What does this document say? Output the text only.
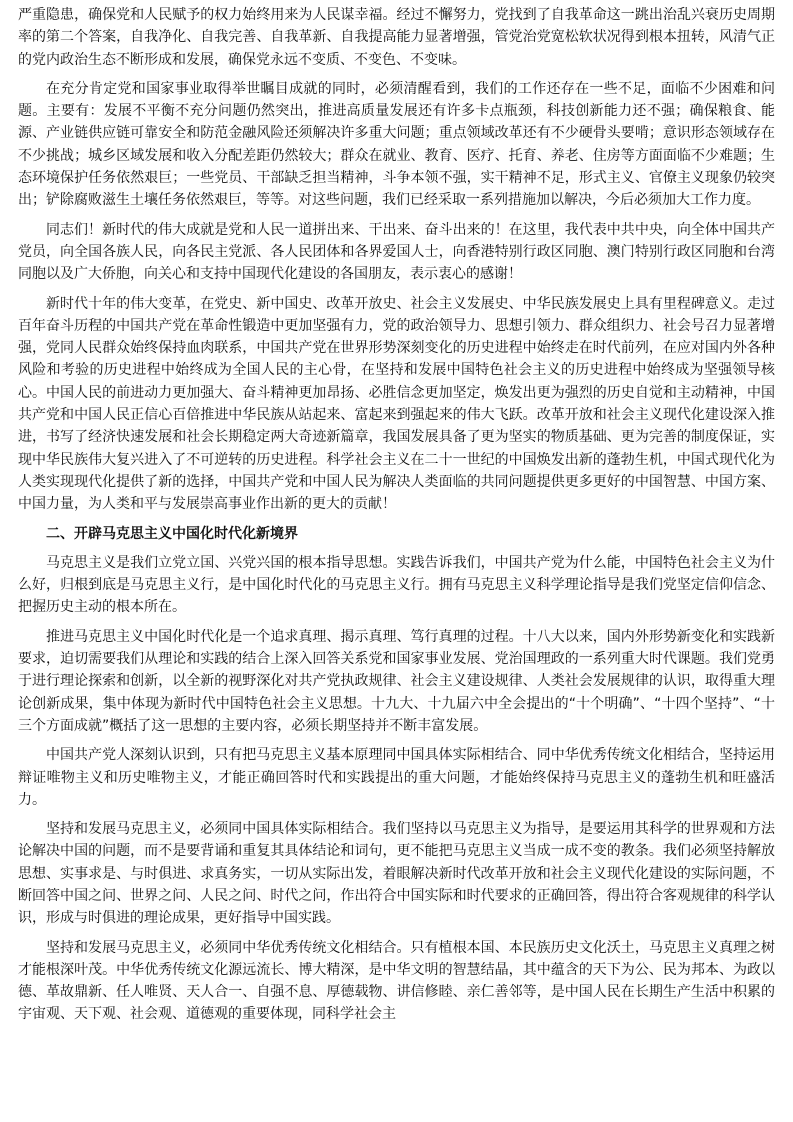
严重隐患，确保党和人民赋予的权力始终用来为人民谋幸福。经过不懈努力，党找到了自我革命这一跳出治乱兴衰历史周期率的第二个答案，自我净化、自我完善、自我革新、自我提高能力显著增强，管党治党宽松软状况得到根本扭转，风清气正的党内政治生态不断形成和发展，确保党永远不变质、不变色、不变味。

在充分肯定党和国家事业取得举世瞩目成就的同时，必须清醒看到，我们的工作还存在一些不足，面临不少困难和问题。主要有：发展不平衡不充分问题仍然突出，推进高质量发展还有许多卡点瓶颈，科技创新能力还不强；确保粮食、能源、产业链供应链可靠安全和防范金融风险还须解决许多重大问题；重点领域改革还有不少硬骨头要啃；意识形态领域存在不少挑战；城乡区域发展和收入分配差距仍然较大；群众在就业、教育、医疗、托育、养老、住房等方面面临不少难题；生态环境保护任务依然艰巨；一些党员、干部缺乏担当精神，斗争本领不强，实干精神不足，形式主义、官僚主义现象仍较突出；铲除腐败滋生土壤任务依然艰巨，等等。对这些问题，我们已经采取一系列措施加以解决，今后必须加大工作力度。

同志们！新时代的伟大成就是党和人民一道拼出来、干出来、奋斗出来的！在这里，我代表中共中央，向全体中国共产党员，向全国各族人民，向各民主党派、各人民团体和各界爱国人士，向香港特别行政区同胞、澳门特别行政区同胞和台湾同胞以及广大侨胞，向关心和支持中国现代化建设的各国朋友，表示衷心的感谢！

新时代十年的伟大变革，在党史、新中国史、改革开放史、社会主义发展史、中华民族发展史上具有里程碑意义。走过百年奋斗历程的中国共产党在革命性锻造中更加坚强有力，党的政治领导力、思想引领力、群众组织力、社会号召力显著增强，党同人民群众始终保持血肉联系，中国共产党在世界形势深刻变化的历史进程中始终走在时代前列，在应对国内外各种风险和考验的历史进程中始终成为全国人民的主心骨，在坚持和发展中国特色社会主义的历史进程中始终成为坚强领导核心。中国人民的前进动力更加强大、奋斗精神更加昂扬、必胜信念更加坚定，焕发出更为强烈的历史自觉和主动精神，中国共产党和中国人民正信心百倍推进中华民族从站起来、富起来到强起来的伟大飞跃。改革开放和社会主义现代化建设深入推进，书写了经济快速发展和社会长期稳定两大奇迹新篇章，我国发展具备了更为坚实的物质基础、更为完善的制度保证，实现中华民族伟大复兴进入了不可逆转的历史进程。科学社会主义在二十一世纪的中国焕发出新的蓬勃生机，中国式现代化为人类实现现代化提供了新的选择，中国共产党和中国人民为解决人类面临的共同问题提供更多更好的中国智慧、中国方案、中国力量，为人类和平与发展崇高事业作出新的更大的贡献！

二、开辟马克思主义中国化时代化新境界

马克思主义是我们立党立国、兴党兴国的根本指导思想。实践告诉我们，中国共产党为什么能，中国特色社会主义为什么好，归根到底是马克思主义行，是中国化时代化的马克思主义行。拥有马克思主义科学理论指导是我们党坚定信仰信念、把握历史主动的根本所在。

推进马克思主义中国化时代化是一个追求真理、揭示真理、笃行真理的过程。十八大以来，国内外形势新变化和实践新要求，迫切需要我们从理论和实践的结合上深入回答关系党和国家事业发展、党治国理政的一系列重大时代课题。我们党勇于进行理论探索和创新，以全新的视野深化对共产党执政规律、社会主义建设规律、人类社会发展规律的认识，取得重大理论创新成果，集中体现为新时代中国特色社会主义思想。十九大、十九届六中全会提出的“十个明确”、“十四个坚持”、“十三个方面成就”概括了这一思想的主要内容，必须长期坚持并不断丰富发展。

中国共产党人深刻认识到，只有把马克思主义基本原理同中国具体实际相结合、同中华优秀传统文化相结合，坚持运用辩证唯物主义和历史唯物主义，才能正确回答时代和实践提出的重大问题，才能始终保持马克思主义的蓬勃生机和旺盛活力。

坚持和发展马克思主义，必须同中国具体实际相结合。我们坚持以马克思主义为指导，是要运用其科学的世界观和方法论解决中国的问题，而不是要背诵和重复其具体结论和词句，更不能把马克思主义当成一成不变的教条。我们必须坚持解放思想、实事求是、与时俱进、求真务实，一切从实际出发，着眼解决新时代改革开放和社会主义现代化建设的实际问题，不断回答中国之问、世界之问、人民之问、时代之问，作出符合中国实际和时代要求的正确回答，得出符合客观规律的科学认识，形成与时俱进的理论成果，更好指导中国实践。

坚持和发展马克思主义，必须同中华优秀传统文化相结合。只有植根本国、本民族历史文化沃土，马克思主义真理之树才能根深叶茂。中华优秀传统文化源远流长、博大精深，是中华文明的智慧结晶，其中蕴含的天下为公、民为邦本、为政以德、革故鼎新、任人唯贤、天人合一、自强不息、厚德载物、讲信修睦、亲仁善邻等，是中国人民在长期生产生活中积累的宇宙观、天下观、社会观、道德观的重要体现，同科学社会主
